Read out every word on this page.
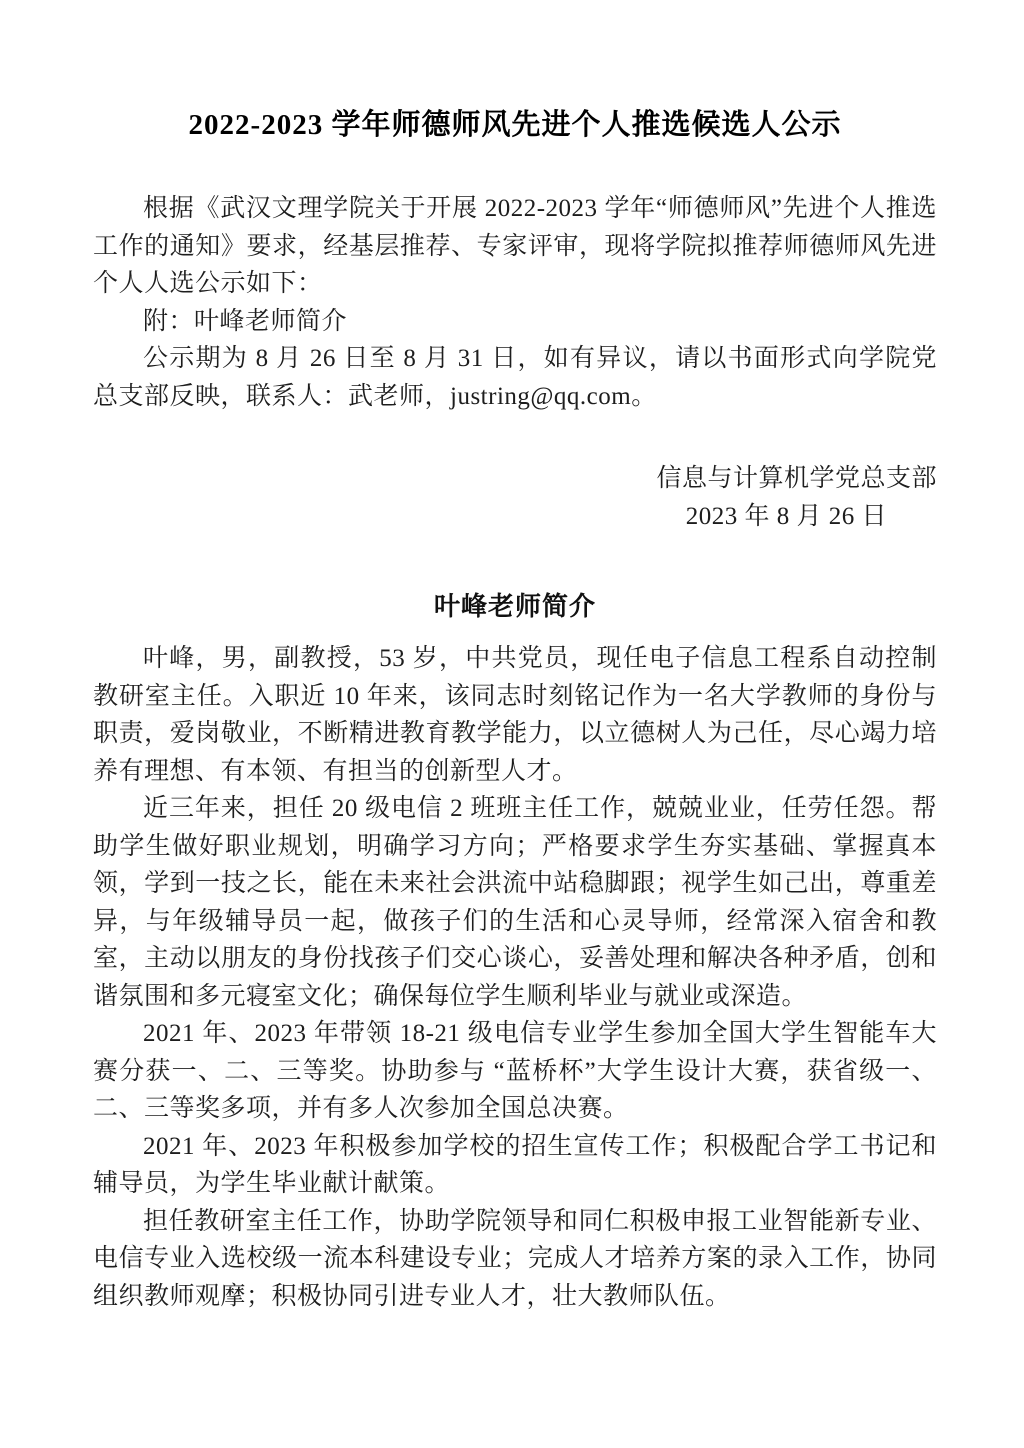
2022-2023 学年师德师风先进个人推选候选人公示

根据《武汉文理学院关于开展 2022-2023 学年“师德师风”先进个人推选工作的通知》要求，经基层推荐、专家评审，现将学院拟推荐师德师风先进个人人选公示如下：

附：叶峰老师简介

公示期为 8 月 26 日至 8 月 31 日，如有异议，请以书面形式向学院党总支部反映，联系人：武老师，justring@qq.com。

信息与计算机学党总支部
2023 年 8 月 26 日
叶峰老师简介

叶峰，男，副教授，53 岁，中共党员，现任电子信息工程系自动控制教研室主任。入职近 10 年来，该同志时刻铭记作为一名大学教师的身份与职责，爱岗敬业，不断精进教育教学能力，以立德树人为己任，尽心竭力培养有理想、有本领、有担当的创新型人才。

近三年来，担任 20 级电信 2 班班主任工作，兢兢业业，任劳任怨。帮助学生做好职业规划，明确学习方向；严格要求学生夯实基础、掌握真本领，学到一技之长，能在未来社会洪流中站稳脚跟；视学生如己出，尊重差异，与年级辅导员一起，做孩子们的生活和心灵导师，经常深入宿舍和教室，主动以朋友的身份找孩子们交心谈心，妥善处理和解决各种矛盾，创和谐氛围和多元寝室文化；确保每位学生顺利毕业与就业或深造。

2021 年、2023 年带领 18-21 级电信专业学生参加全国大学生智能车大赛分获一、二、三等奖。协助参与 “蓝桥杯”大学生设计大赛，获省级一、二、三等奖多项，并有多人次参加全国总决赛。

2021 年、2023 年积极参加学校的招生宣传工作；积极配合学工书记和辅导员，为学生毕业献计献策。

担任教研室主任工作，协助学院领导和同仁积极申报工业智能新专业、电信专业入选校级一流本科建设专业；完成人才培养方案的录入工作，协同组织教师观摩；积极协同引进专业人才，壮大教师队伍。
